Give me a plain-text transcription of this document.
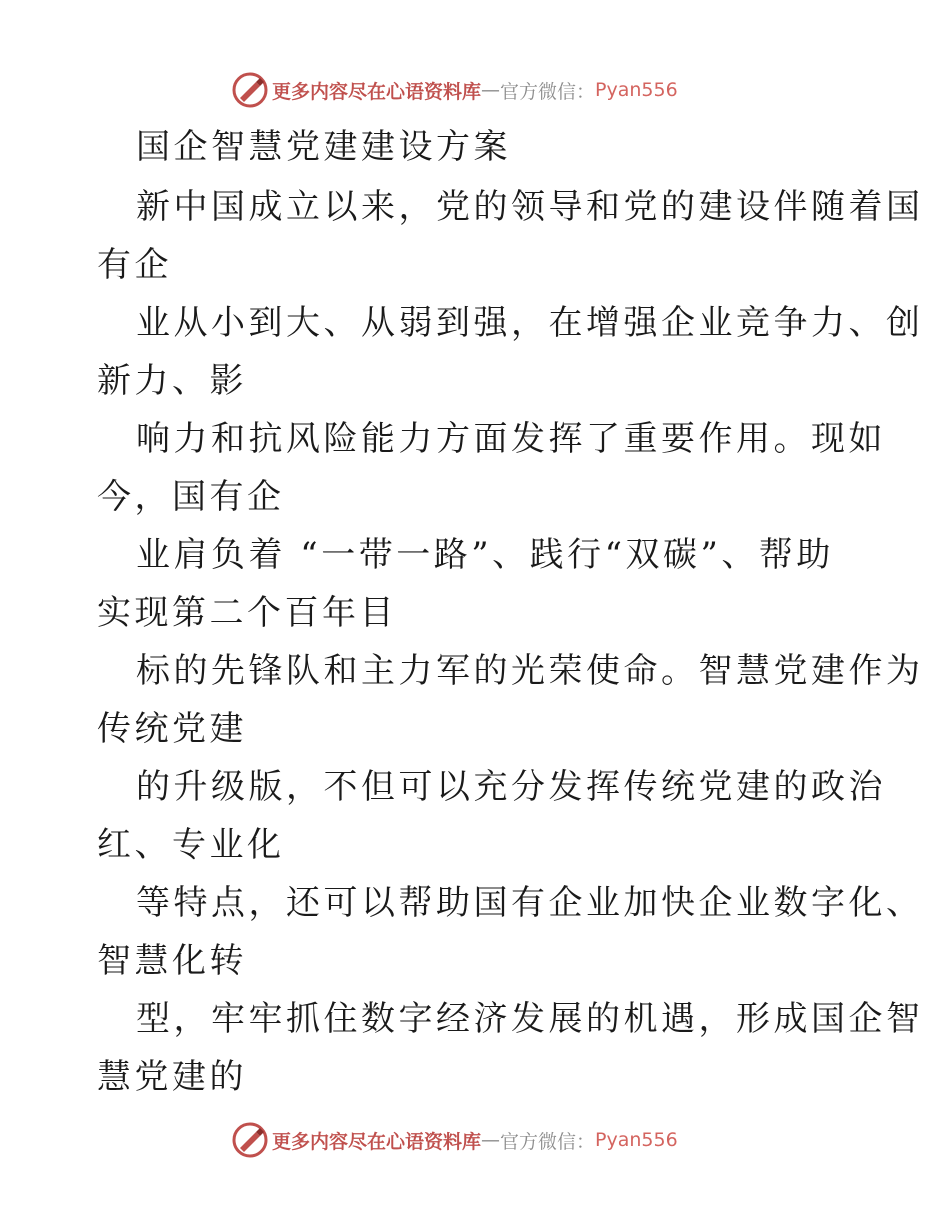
更多内容尽在心语资料库 — 官方微信： Pyan556
国企智慧党建建设方案
新中国成立以来，党的领导和党的建设伴随着国
有企
业从小到大、从弱到强，在增强企业竞争力、创
新力、影
响力和抗风险能力方面发挥了重要作用。现如
今，国有企
业肩负着 “一带一路”、践行“双碳”、帮助
实现第二个百年目
标的先锋队和主力军的光荣使命。智慧党建作为
传统党建
的升级版，不但可以充分发挥传统党建的政治
红、专业化
等特点，还可以帮助国有企业加快企业数字化、
智慧化转
型，牢牢抓住数字经济发展的机遇，形成国企智
慧党建的
更多内容尽在心语资料库 — 官方微信： Pyan556
